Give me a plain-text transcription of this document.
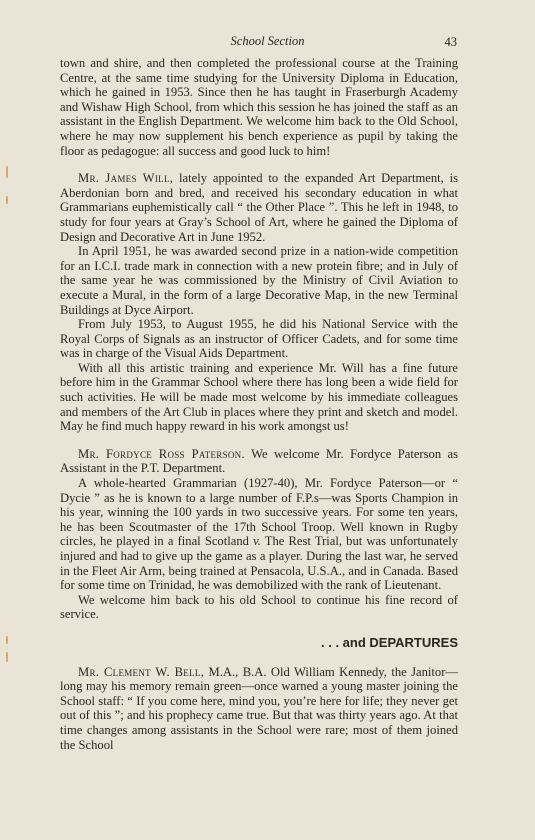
School Section	43

town and shire, and then completed the professional course at the Training Centre, at the same time studying for the University Diploma in Education, which he gained in 1953. Since then he has taught in Fraserburgh Academy and Wishaw High School, from which this session he has joined the staff as an assistant in the English Department. We welcome him back to the Old School, where he may now supplement his bench experience as pupil by taking the floor as pedagogue: all success and good luck to him!

Mr. James Will, lately appointed to the expanded Art Department, is Aberdonian born and bred, and received his secondary education in what Grammarians euphemistically call “ the Other Place ”. This he left in 1948, to study for four years at Gray’s School of Art, where he gained the Diploma of Design and Decorative Art in June 1952.

In April 1951, he was awarded second prize in a nation-wide competition for an I.C.I. trade mark in connection with a new protein fibre; and in July of the same year he was commissioned by the Ministry of Civil Aviation to execute a Mural, in the form of a large Decorative Map, in the new Terminal Buildings at Dyce Airport.

From July 1953, to August 1955, he did his National Service with the Royal Corps of Signals as an instructor of Officer Cadets, and for some time was in charge of the Visual Aids Department.

With all this artistic training and experience Mr. Will has a fine future before him in the Grammar School where there has long been a wide field for such activities. He will be made most welcome by his immediate colleagues and members of the Art Club in places where they print and sketch and model. May he find much happy reward in his work amongst us!

Mr. Fordyce Ross Paterson. We welcome Mr. Fordyce Paterson as Assistant in the P.T. Department.

A whole-hearted Grammarian (1927-40), Mr. Fordyce Paterson—or “ Dycie ” as he is known to a large number of F.P.s—was Sports Champion in his year, winning the 100 yards in two successive years. For some ten years, he has been Scoutmaster of the 17th School Troop. Well known in Rugby circles, he played in a final Scotland v. The Rest Trial, but was unfortunately injured and had to give up the game as a player. During the last war, he served in the Fleet Air Arm, being trained at Pensacola, U.S.A., and in Canada. Based for some time on Trinidad, he was demobilized with the rank of Lieutenant.

We welcome him back to his old School to continue his fine record of service.

. . . and DEPARTURES

Mr. Clement W. Bell, M.A., B.A. Old William Kennedy, the Janitor—long may his memory remain green—once warned a young master joining the School staff: “ If you come here, mind you, you’re here for life; they never get out of this ”; and his prophecy came true. But that was thirty years ago. At that time changes among assistants in the School were rare; most of them joined the School
